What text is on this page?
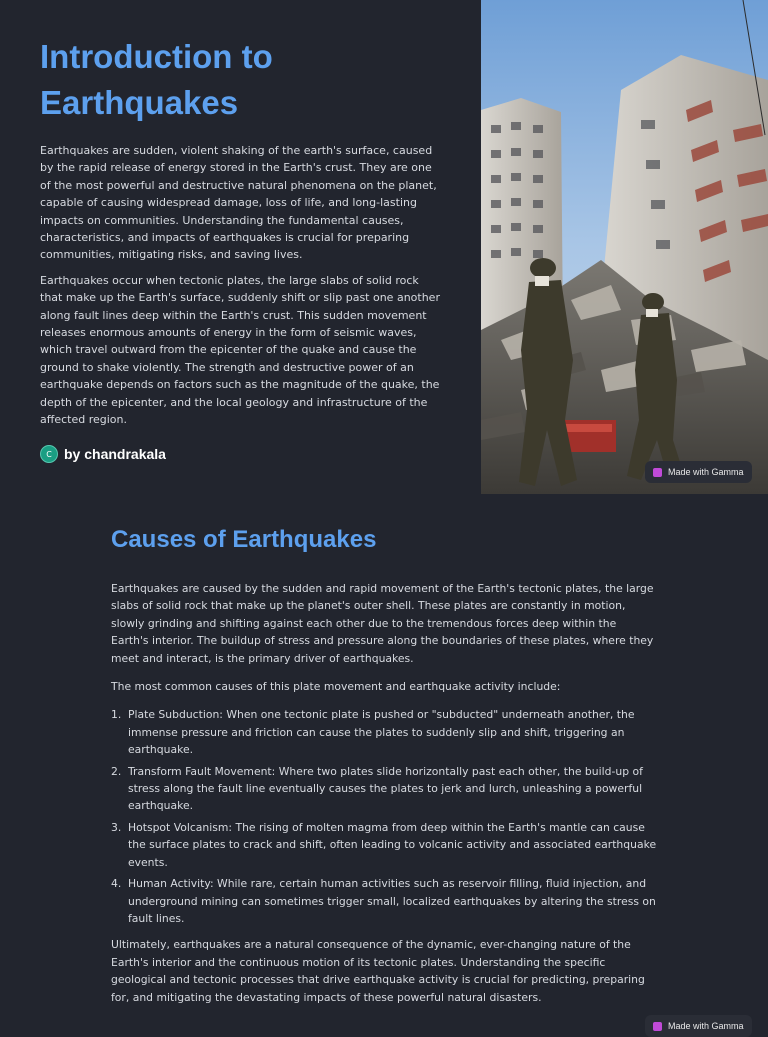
Introduction to Earthquakes

Earthquakes are sudden, violent shaking of the earth's surface, caused by the rapid release of energy stored in the Earth's crust. They are one of the most powerful and destructive natural phenomena on the planet, capable of causing widespread damage, loss of life, and long-lasting impacts on communities. Understanding the fundamental causes, characteristics, and impacts of earthquakes is crucial for preparing communities, mitigating risks, and saving lives.

Earthquakes occur when tectonic plates, the large slabs of solid rock that make up the Earth's surface, suddenly shift or slip past one another along fault lines deep within the Earth's crust. This sudden movement releases enormous amounts of energy in the form of seismic waves, which travel outward from the epicenter of the quake and cause the ground to shake violently. The strength and destructive power of an earthquake depends on factors such as the magnitude of the quake, the depth of the epicenter, and the local geology and infrastructure of the affected region.

C by chandrakala
Made with Gamma
Causes of Earthquakes

Earthquakes are caused by the sudden and rapid movement of the Earth's tectonic plates, the large slabs of solid rock that make up the planet's outer shell. These plates are constantly in motion, slowly grinding and shifting against each other due to the tremendous forces deep within the Earth's interior. The buildup of stress and pressure along the boundaries of these plates, where they meet and interact, is the primary driver of earthquakes.

The most common causes of this plate movement and earthquake activity include:

1. Plate Subduction: When one tectonic plate is pushed or "subducted" underneath another, the immense pressure and friction can cause the plates to suddenly slip and shift, triggering an earthquake.
2. Transform Fault Movement: Where two plates slide horizontally past each other, the build-up of stress along the fault line eventually causes the plates to jerk and lurch, unleashing a powerful earthquake.
3. Hotspot Volcanism: The rising of molten magma from deep within the Earth's mantle can cause the surface plates to crack and shift, often leading to volcanic activity and associated earthquake events.
4. Human Activity: While rare, certain human activities such as reservoir filling, fluid injection, and underground mining can sometimes trigger small, localized earthquakes by altering the stress on fault lines.

Ultimately, earthquakes are a natural consequence of the dynamic, ever-changing nature of the Earth's interior and the continuous motion of its tectonic plates. Understanding the specific geological and tectonic processes that drive earthquake activity is crucial for predicting, preparing for, and mitigating the devastating impacts of these powerful natural disasters.

Made with Gamma
